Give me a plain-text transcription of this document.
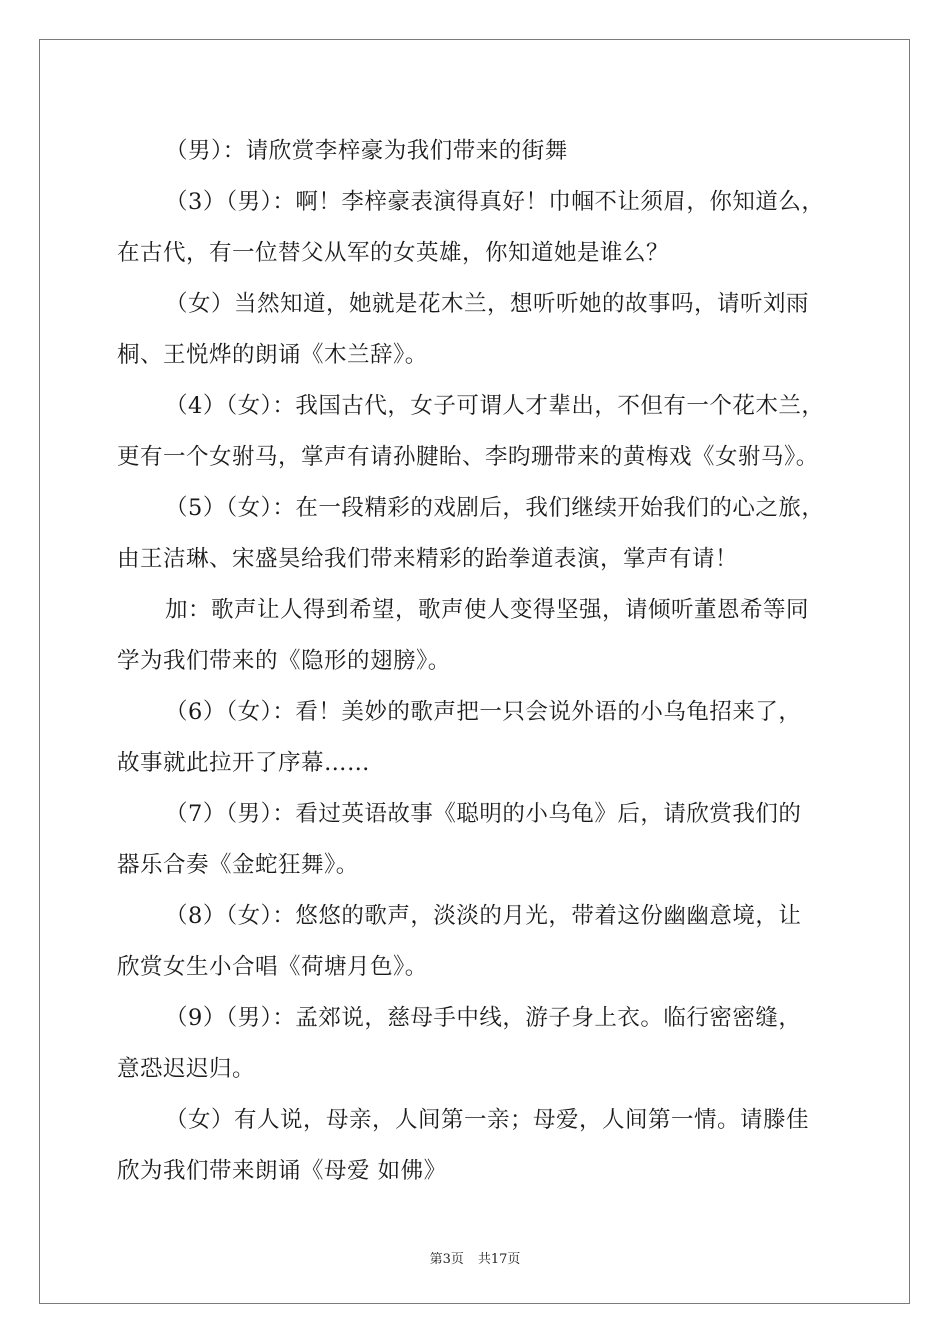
（男）：请欣赏李梓豪为我们带来的街舞
（3）（男）：啊！李梓豪表演得真好！巾帼不让须眉，你知道么，
在古代，有一位替父从军的女英雄，你知道她是谁么？
（女）当然知道，她就是花木兰，想听听她的故事吗，请听刘雨
桐、王悦烨的朗诵《木兰辞》。
（4）（女）：我国古代，女子可谓人才辈出，不但有一个花木兰，
更有一个女驸马，掌声有请孙腱眙、李昀珊带来的黄梅戏《女驸马》。
（5）（女）：在一段精彩的戏剧后，我们继续开始我们的心之旅，
由王洁琳、宋盛昊给我们带来精彩的跆拳道表演，掌声有请！
加：歌声让人得到希望，歌声使人变得坚强，请倾听董恩希等同
学为我们带来的《隐形的翅膀》。
（6）（女）：看！美妙的歌声把一只会说外语的小乌龟招来了，
故事就此拉开了序幕……
（7）（男）：看过英语故事《聪明的小乌龟》后，请欣赏我们的
器乐合奏《金蛇狂舞》。
（8）（女）：悠悠的歌声，淡淡的月光，带着这份幽幽意境，让
欣赏女生小合唱《荷塘月色》。
（9）（男）：孟郊说，慈母手中线，游子身上衣。临行密密缝，
意恐迟迟归。
（女）有人说，母亲，人间第一亲；母爱，人间第一情。请滕佳
欣为我们带来朗诵《母爱 如佛》
第3页 共17页
